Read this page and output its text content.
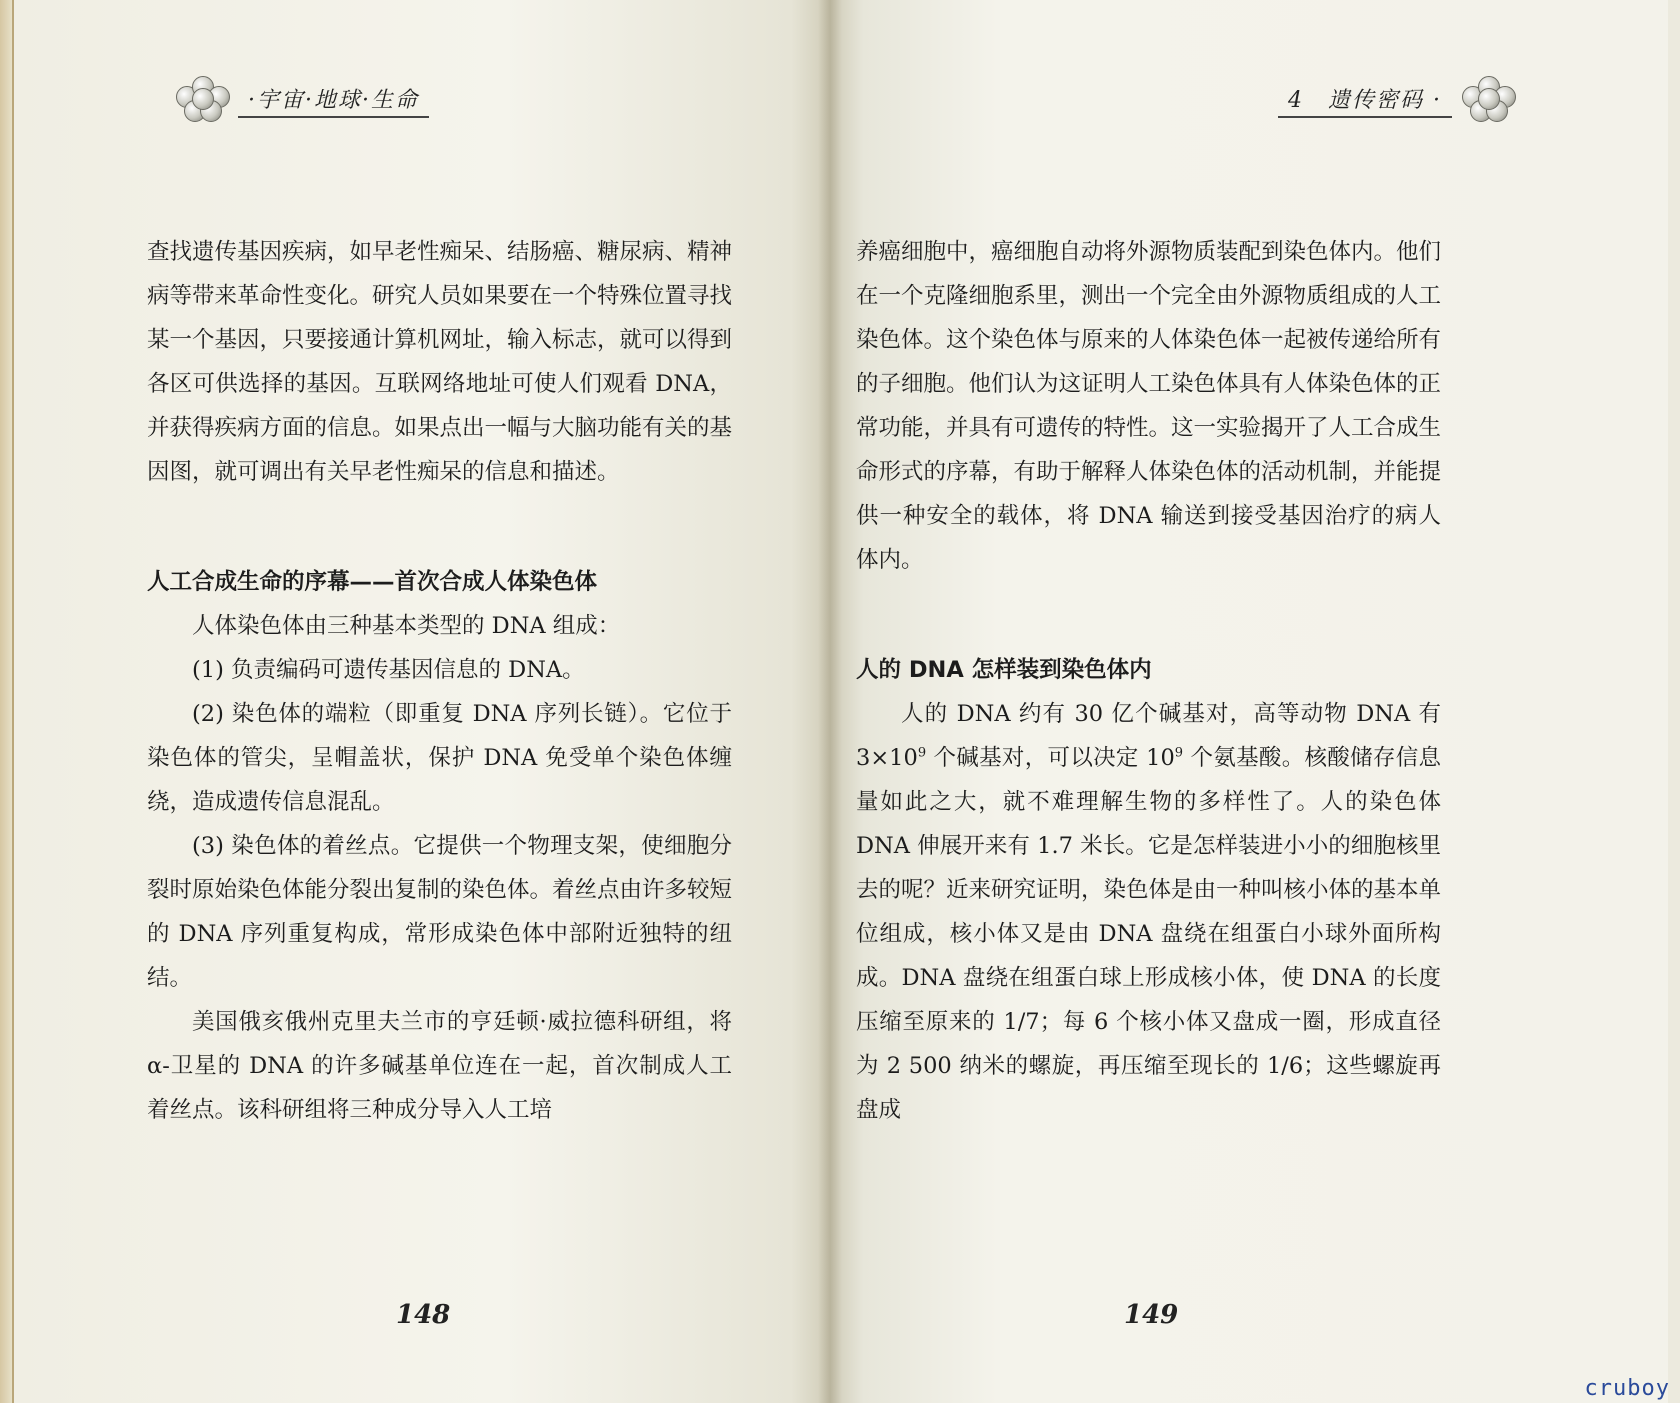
·宇宙·地球·生命

查找遗传基因疾病，如早老性痴呆、结肠癌、糖尿病、精神病等带来革命性变化。研究人员如果要在一个特殊位置寻找某一个基因，只要接通计算机网址，输入标志，就可以得到各区可供选择的基因。互联网络地址可使人们观看 DNA，并获得疾病方面的信息。如果点出一幅与大脑功能有关的基因图，就可调出有关早老性痴呆的信息和描述。

人工合成生命的序幕——首次合成人体染色体

人体染色体由三种基本类型的 DNA 组成：

(1) 负责编码可遗传基因信息的 DNA。

(2) 染色体的端粒（即重复 DNA 序列长链）。它位于染色体的管尖，呈帽盖状，保护 DNA 免受单个染色体缠绕，造成遗传信息混乱。

(3) 染色体的着丝点。它提供一个物理支架，使细胞分裂时原始染色体能分裂出复制的染色体。着丝点由许多较短的 DNA 序列重复构成，常形成染色体中部附近独特的纽结。

美国俄亥俄州克里夫兰市的亨廷顿·威拉德科研组，将 α-卫星的 DNA 的许多碱基单位连在一起，首次制成人工着丝点。该科研组将三种成分导入人工培

148
4　遗传密码 ·

养癌细胞中，癌细胞自动将外源物质装配到染色体内。他们在一个克隆细胞系里，测出一个完全由外源物质组成的人工染色体。这个染色体与原来的人体染色体一起被传递给所有的子细胞。他们认为这证明人工染色体具有人体染色体的正常功能，并具有可遗传的特性。这一实验揭开了人工合成生命形式的序幕，有助于解释人体染色体的活动机制，并能提供一种安全的载体，将 DNA 输送到接受基因治疗的病人体内。

人的 DNA 怎样装到染色体内

人的 DNA 约有 30 亿个碱基对，高等动物 DNA 有 $3\times 10^9$ 个碱基对，可以决定 $10^9$ 个氨基酸。核酸储存信息量如此之大，就不难理解生物的多样性了。人的染色体 DNA 伸展开来有 1.7 米长。它是怎样装进小小的细胞核里去的呢？近来研究证明，染色体是由一种叫核小体的基本单位组成，核小体又是由 DNA 盘绕在组蛋白小球外面所构成。DNA 盘绕在组蛋白球上形成核小体，使 DNA 的长度压缩至原来的 1/7；每 6 个核小体又盘成一圈，形成直径为 2 500 纳米的螺旋，再压缩至现长的 1/6；这些螺旋再盘成

149
cruboy
